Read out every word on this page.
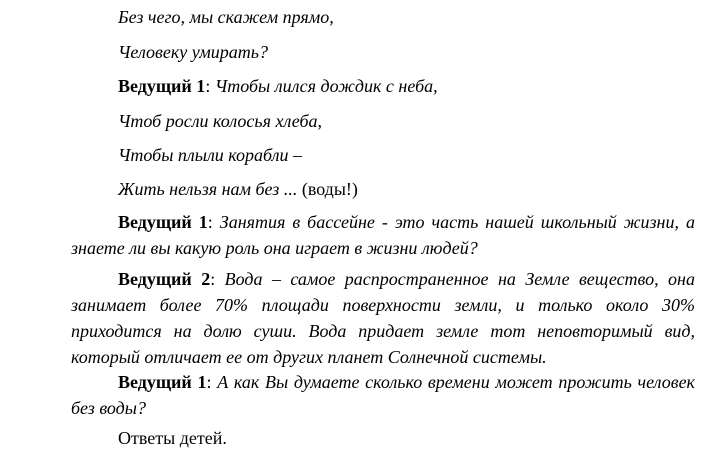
Без чего, мы скажем прямо,
Человеку умирать?
Ведущий 1: Чтобы лился дождик с неба,
Чтоб росли колосья хлеба,
Чтобы плыли корабли –
Жить нельзя нам без ... (воды!)
Ведущий 1: Занятия в бассейне - это часть нашей школьный жизни, а знаете ли вы какую роль она играет в жизни людей?
Ведущий 2: Вода – самое распространенное на Земле вещество, она занимает более 70% площади поверхности земли, и только около 30% приходится на долю суши. Вода придает земле тот неповторимый вид, который отличает ее от других планет Солнечной системы.
Ведущий 1: А как Вы думаете сколько времени может прожить человек без воды?
Ответы детей.
